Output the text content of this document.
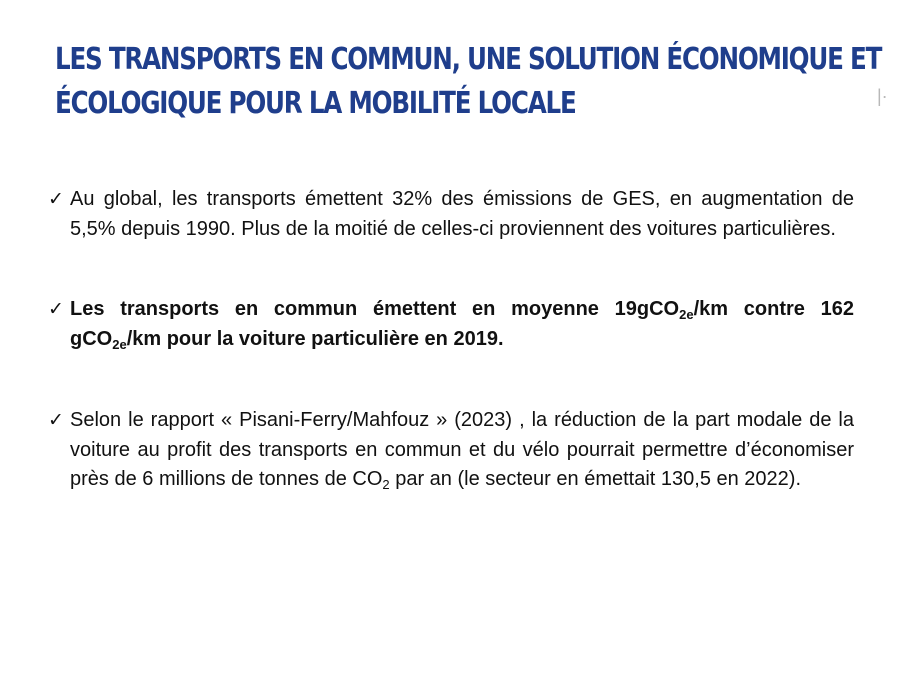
LES TRANSPORTS EN COMMUN, UNE SOLUTION ÉCONOMIQUE ET
ÉCOLOGIQUE POUR LA MOBILITÉ LOCALE	|·
✓ Au global, les transports émettent 32% des émissions de GES, en augmentation de 5,5% depuis 1990. Plus de la moitié de celles-ci proviennent des voitures particulières.
✓ Les transports en commun émettent en moyenne 19gCO$_{2e}$/km contre 162 gCO$_{2e}$/km pour la voiture particulière en 2019.
✓ Selon le rapport « Pisani-Ferry/Mahfouz » (2023) , la réduction de la part modale de la voiture au profit des transports en commun et du vélo pourrait permettre d’économiser près de 6 millions de tonnes de $CO_2$ par an (le secteur en émettait 130,5 en 2022).
